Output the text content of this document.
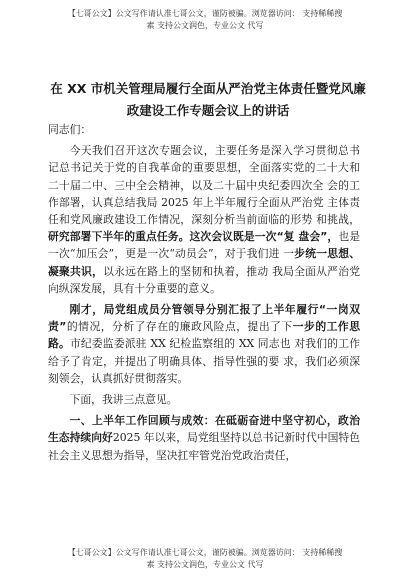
【七哥公文】公文写作请认准七哥公文，谨防被骗。浏览器访问： 支持稀稀搜
素 支持公文润色，专业公文 代写
在 XX 市机关管理局履行全面从严治党主体责任暨党风廉政建设工作专题会议上的讲话

同志们：

今天我们召开这次专题会议，主要任务是深入学习贯彻总书记总书记关于党的自我革命的重要思想，全面落实党的二十大和二十届二中、三中全会精神，以及二十届中央纪委四次全 会的工作部署，认真总结我局 2025 年上半年履行全面从严治党 主体责任和党风廉政建设工作情况，深刻分析当前面临的形势 和挑战，研究部署下半年的重点任务。这次会议既是一次“复 盘会”，也是一次“加压会”，更是一次“动员会”，对于我们进 一步统一思想、凝聚共识，以永远在路上的坚韧和执着，推动 我局全面从严治党向纵深发展，具有十分重要的意义。

刚才，局党组成员分管领导分别汇报了上半年履行“一岗双责”的情况，分析了存在的廉政风险点，提出了下一步的工作思路。市纪委监委派驻 XX 纪检监察组的 XX 同志也 对我们的工作给予了肯定，并提出了明确具体、指导性强的要 求，我们必须深刻领会，认真抓好贯彻落实。

下面，我讲三点意见。

一、上半年工作回顾与成效：在砥砺奋进中坚守初心，政治生态持续向好2025 年以来，局党组坚持以总书记新时代中国特色社会主义思想为指导，坚决扛牢管党治党政治责任，

【七哥公文】公文写作请认准七哥公文，谨防被骗。浏览器访问： 支持稀稀搜
素 支持公文润色，专业公文 代写
